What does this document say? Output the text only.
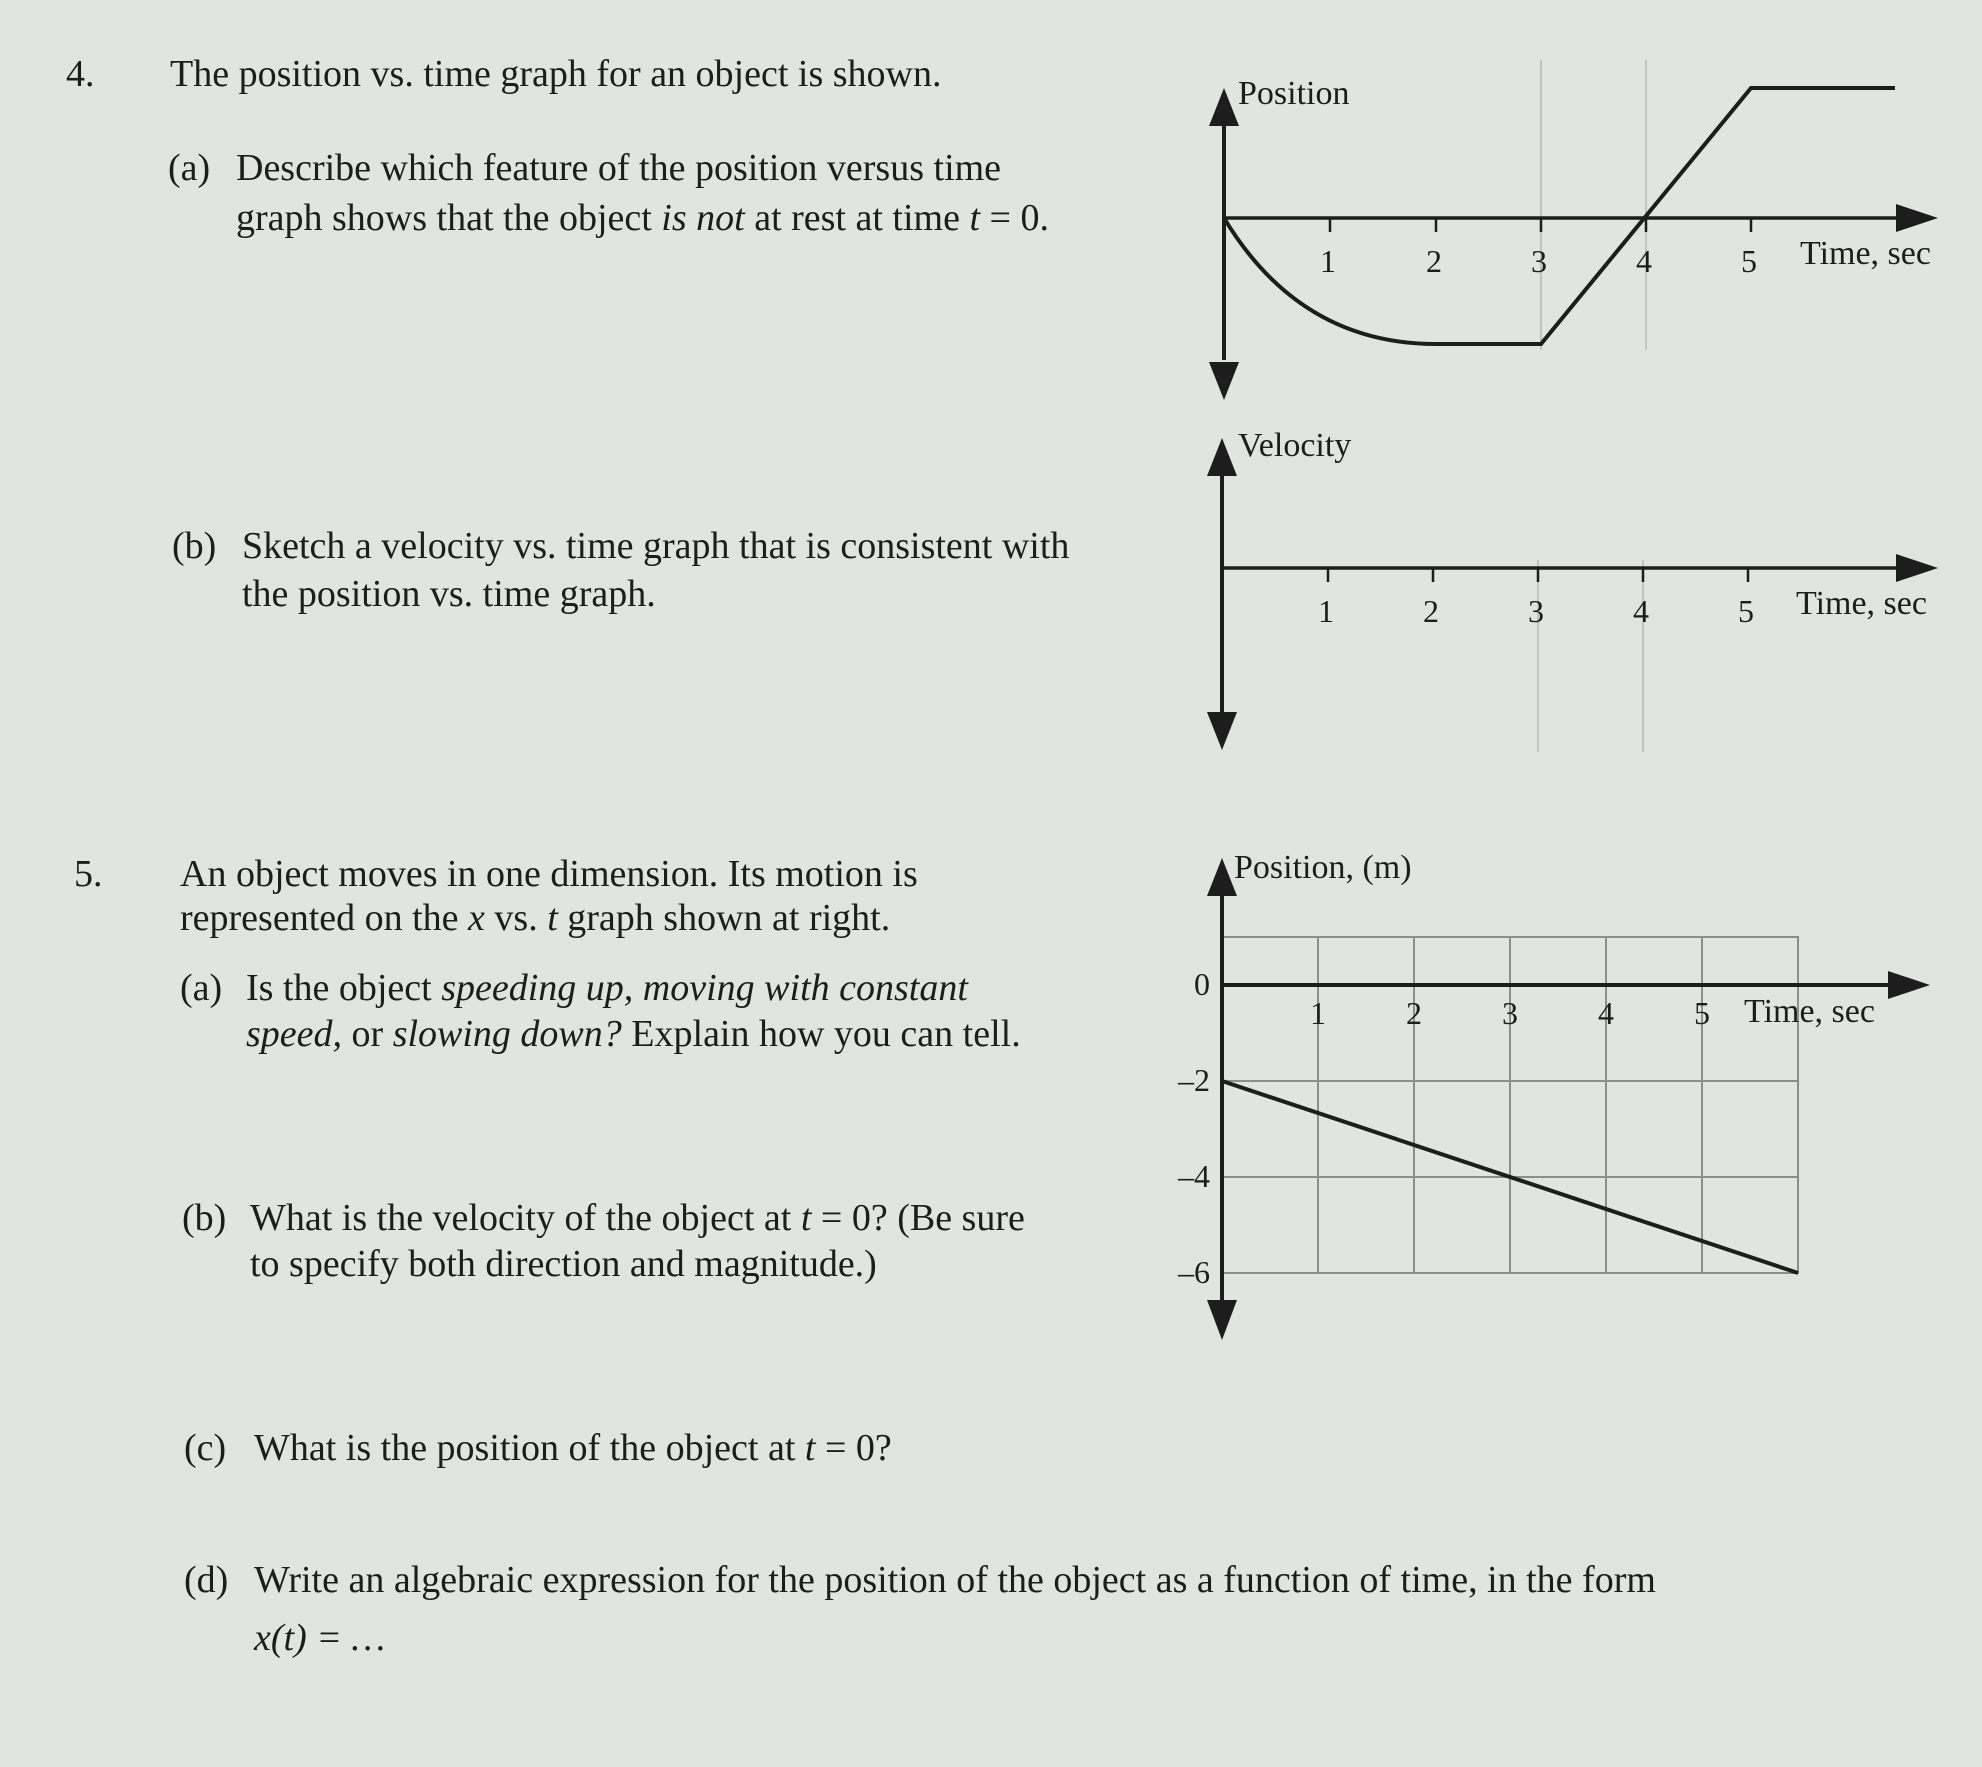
4. The position vs. time graph for an object is shown.
(a) Describe which feature of the position versus time
graph shows that the object is not at rest at time t = 0.
(b) Sketch a velocity vs. time graph that is consistent with
the position vs. time graph.
5. An object moves in one dimension. Its motion is
represented on the x vs. t graph shown at right.
(a) Is the object speeding up, moving with constant
speed, or slowing down? Explain how you can tell.
(b) What is the velocity of the object at t = 0? (Be sure
to specify both direction and magnitude.)
(c) What is the position of the object at t = 0?
(d) Write an algebraic expression for the position of the object as a function of time, in the form
x(t) = …
Position
Time, sec
1	2	3	4	5
Velocity
Time, sec
1	2	3	4	5
Position, (m)
Time, sec
1	2	3	4	5
0
–2
–4
–6
